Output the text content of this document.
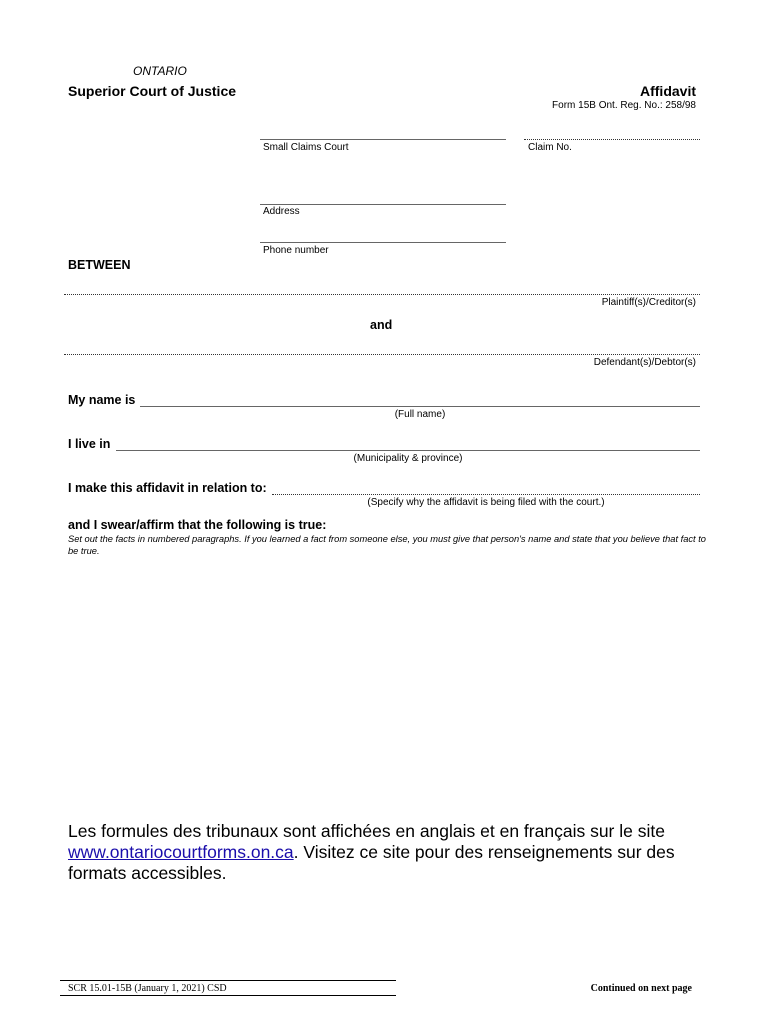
ONTARIO
Superior Court of Justice	Affidavit
Form 15B Ont. Reg. No.: 258/98
Small Claims Court	Claim No.
Address
Phone number
BETWEEN
Plaintiff(s)/Creditor(s)
and
Defendant(s)/Debtor(s)
My name is
(Full name)
I live in
(Municipality & province)
I make this affidavit in relation to:
(Specify why the affidavit is being filed with the court.)
and I swear/affirm that the following is true:
Set out the facts in numbered paragraphs. If you learned a fact from someone else, you must give that person's name and state that you believe that fact to be true.
Les formules des tribunaux sont affichées en anglais et en français sur le site www.ontariocourtforms.on.ca. Visitez ce site pour des renseignements sur des formats accessibles.
SCR 15.01-15B (January 1, 2021) CSD	Continued on next page
